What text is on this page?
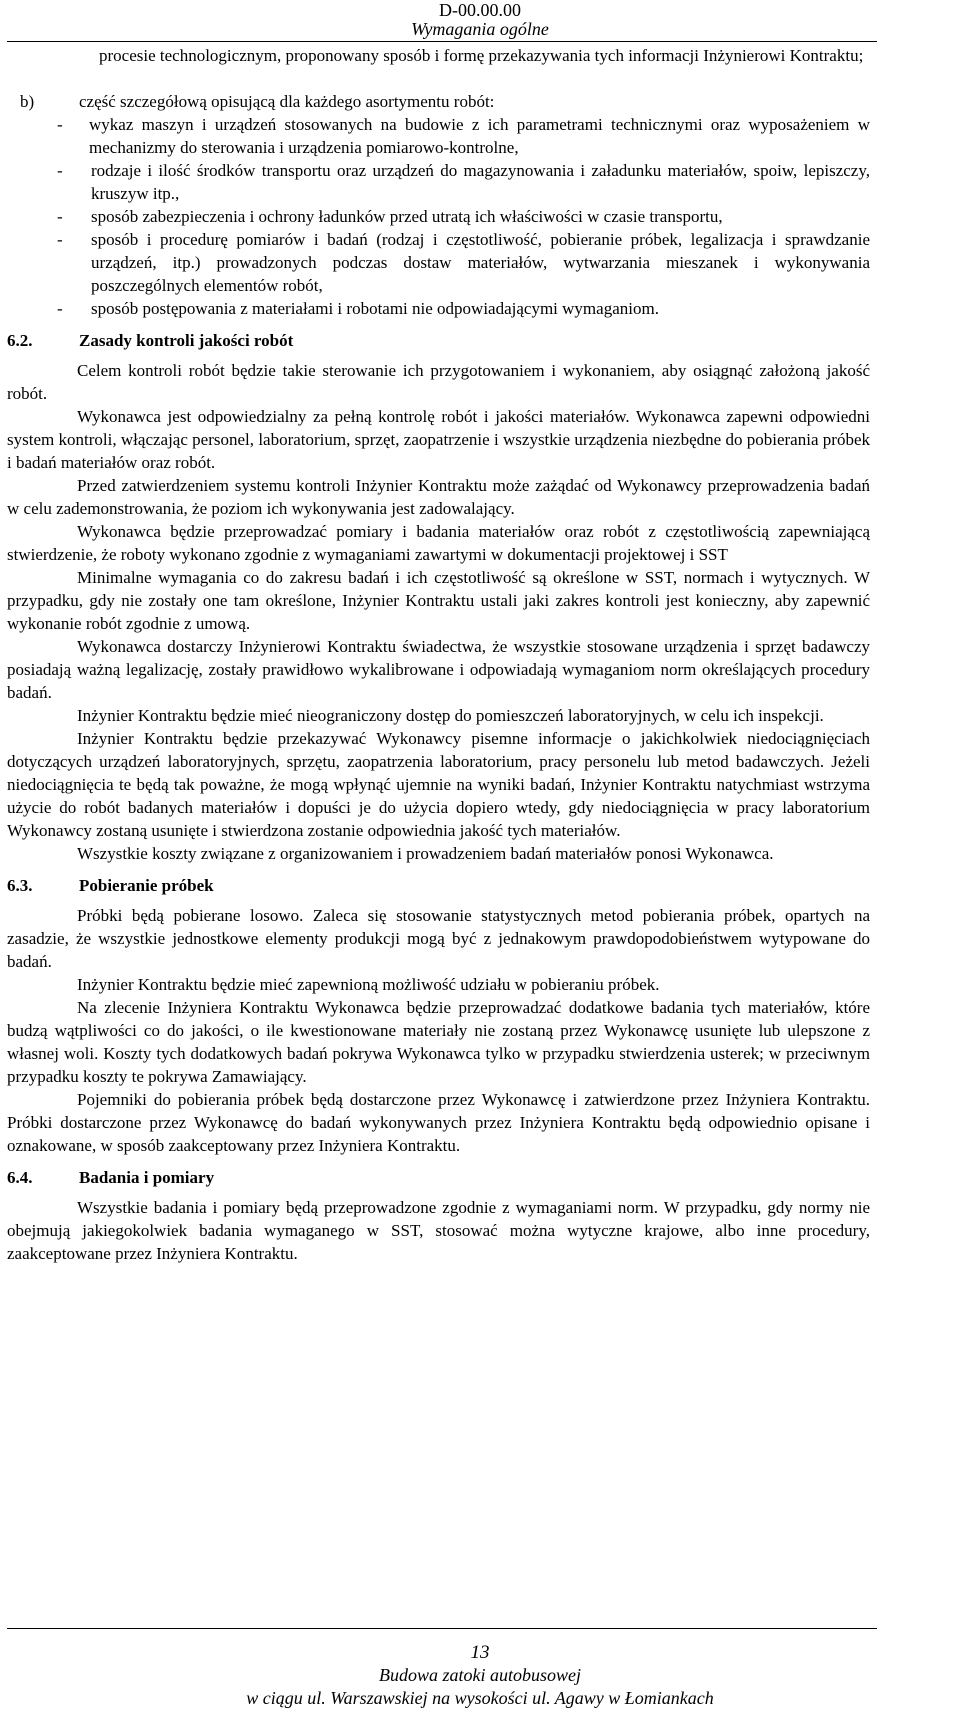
D-00.00.00
Wymagania ogólne

procesie technologicznym, proponowany sposób i formę przekazywania tych informacji Inżynierowi Kontraktu;

b)	część szczegółową opisującą dla każdego asortymentu robót:
-	wykaz maszyn i urządzeń stosowanych na budowie z ich parametrami technicznymi oraz wyposażeniem w mechanizmy do sterowania i urządzenia pomiarowo-kontrolne,
-	rodzaje i ilość środków transportu oraz urządzeń do magazynowania i załadunku materiałów, spoiw, lepiszczy, kruszyw itp.,
-	sposób zabezpieczenia i ochrony ładunków przed utratą ich właściwości w czasie transportu,
-	sposób i procedurę pomiarów i badań (rodzaj i częstotliwość, pobieranie próbek, legalizacja i sprawdzanie urządzeń, itp.) prowadzonych podczas dostaw materiałów, wytwarzania mieszanek i wykonywania poszczególnych elementów robót,
-	sposób postępowania z materiałami i robotami nie odpowiadającymi wymaganiom.
6.2.	Zasady kontroli jakości robót

Celem kontroli robót będzie takie sterowanie ich przygotowaniem i wykonaniem, aby osiągnąć założoną jakość robót.

Wykonawca jest odpowiedzialny za pełną kontrolę robót i jakości materiałów. Wykonawca zapewni odpowiedni system kontroli, włączając personel, laboratorium, sprzęt, zaopatrzenie i wszystkie urządzenia niezbędne do pobierania próbek i badań materiałów oraz robót.

Przed zatwierdzeniem systemu kontroli Inżynier Kontraktu może zażądać od Wykonawcy przeprowadzenia badań w celu zademonstrowania, że poziom ich wykonywania jest zadowalający.

Wykonawca będzie przeprowadzać pomiary i badania materiałów oraz robót z częstotliwością zapewniającą stwierdzenie, że roboty wykonano zgodnie z wymaganiami zawartymi w dokumentacji projektowej i SST

Minimalne wymagania co do zakresu badań i ich częstotliwość są określone w SST, normach i wytycznych. W przypadku, gdy nie zostały one tam określone, Inżynier Kontraktu ustali jaki zakres kontroli jest konieczny, aby zapewnić wykonanie robót zgodnie z umową.

Wykonawca dostarczy Inżynierowi Kontraktu świadectwa, że wszystkie stosowane urządzenia i sprzęt badawczy posiadają ważną legalizację, zostały prawidłowo wykalibrowane i odpowiadają wymaganiom norm określających procedury badań.

Inżynier Kontraktu będzie mieć nieograniczony dostęp do pomieszczeń laboratoryjnych, w celu ich inspekcji.

Inżynier Kontraktu będzie przekazywać Wykonawcy pisemne informacje o jakichkolwiek niedociągnięciach dotyczących urządzeń laboratoryjnych, sprzętu, zaopatrzenia laboratorium, pracy personelu lub metod badawczych. Jeżeli niedociągnięcia te będą tak poważne, że mogą wpłynąć ujemnie na wyniki badań, Inżynier Kontraktu natychmiast wstrzyma użycie do robót badanych materiałów i dopuści je do użycia dopiero wtedy, gdy niedociągnięcia w pracy laboratorium Wykonawcy zostaną usunięte i stwierdzona zostanie odpowiednia jakość tych materiałów.

Wszystkie koszty związane z organizowaniem i prowadzeniem badań materiałów ponosi Wykonawca.

6.3.	Pobieranie próbek

Próbki będą pobierane losowo. Zaleca się stosowanie statystycznych metod pobierania próbek, opartych na zasadzie, że wszystkie jednostkowe elementy produkcji mogą być z jednakowym prawdopodobieństwem wytypowane do badań.

Inżynier Kontraktu będzie mieć zapewnioną możliwość udziału w pobieraniu próbek.

Na zlecenie Inżyniera Kontraktu Wykonawca będzie przeprowadzać dodatkowe badania tych materiałów, które budzą wątpliwości co do jakości, o ile kwestionowane materiały nie zostaną przez Wykonawcę usunięte lub ulepszone z własnej woli. Koszty tych dodatkowych badań pokrywa Wykonawca tylko w przypadku stwierdzenia usterek; w przeciwnym przypadku koszty te pokrywa Zamawiający.

Pojemniki do pobierania próbek będą dostarczone przez Wykonawcę i zatwierdzone przez Inżyniera Kontraktu. Próbki dostarczone przez Wykonawcę do badań wykonywanych przez Inżyniera Kontraktu będą odpowiednio opisane i oznakowane, w sposób zaakceptowany przez Inżyniera Kontraktu.

6.4.	Badania i pomiary

Wszystkie badania i pomiary będą przeprowadzone zgodnie z wymaganiami norm. W przypadku, gdy normy nie obejmują jakiegokolwiek badania wymaganego w SST, stosować można wytyczne krajowe, albo inne procedury, zaakceptowane przez Inżyniera Kontraktu.

13
Budowa zatoki autobusowej
w ciągu ul. Warszawskiej na wysokości ul. Agawy w Łomiankach
